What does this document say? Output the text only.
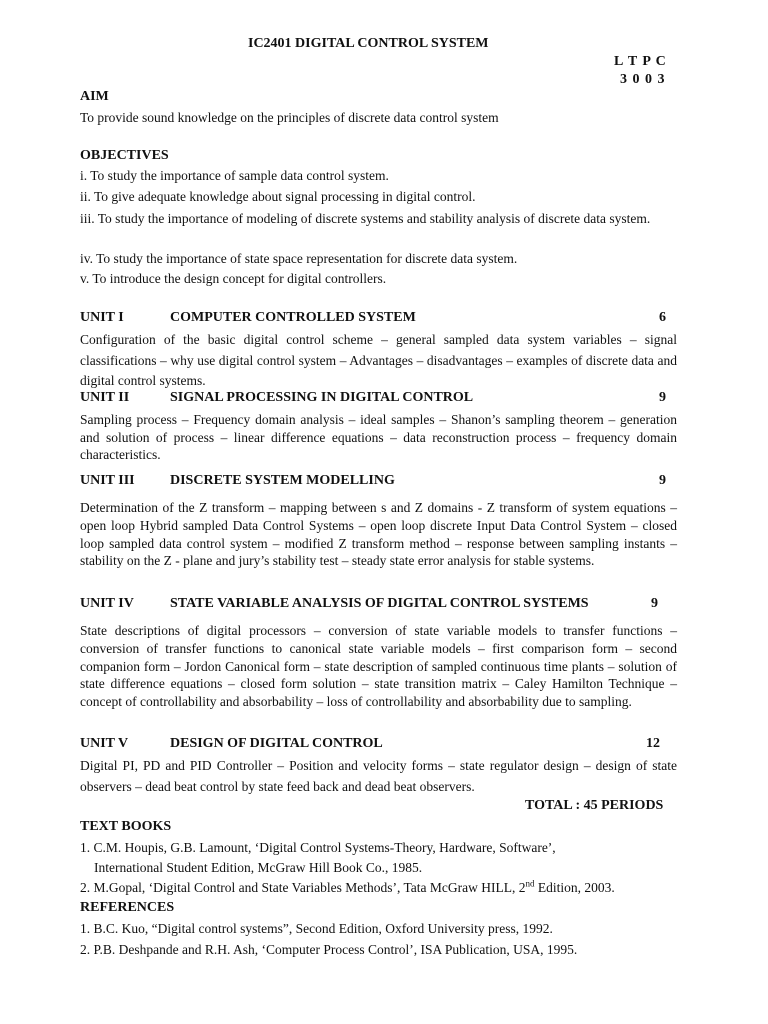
IC2401 DIGITAL CONTROL SYSTEM
L T P C
3 0 0 3
AIM
To provide sound knowledge on the principles of discrete data control system
OBJECTIVES
i. To study the importance of sample data control system.
ii. To give adequate knowledge about signal processing in digital control.
iii. To study the importance of modeling of discrete systems and stability analysis of discrete data system.
iv. To study the importance of state space representation for discrete data system.
v. To introduce the design concept for digital controllers.
UNIT I	COMPUTER CONTROLLED SYSTEM	6
Configuration of the basic digital control scheme – general sampled data system variables – signal classifications – why use digital control system – Advantages – disadvantages – examples of discrete data and digital control systems.
UNIT II	SIGNAL PROCESSING IN DIGITAL CONTROL	9
Sampling process – Frequency domain analysis – ideal samples – Shanon’s sampling theorem – generation and solution of process – linear difference equations – data reconstruction process – frequency domain characteristics.
UNIT III	DISCRETE SYSTEM MODELLING	9
Determination of the Z transform – mapping between s and Z domains - Z transform of system equations – open loop Hybrid sampled Data Control Systems – open loop discrete Input Data Control System – closed loop sampled data control system – modified Z transform method – response between sampling instants – stability on the Z - plane and jury’s stability test – steady state error analysis for stable systems.
UNIT IV	STATE VARIABLE ANALYSIS OF DIGITAL CONTROL SYSTEMS	9
State descriptions of digital processors – conversion of state variable models to transfer functions – conversion of transfer functions to canonical state variable models – first comparison form – second companion form – Jordon Canonical form – state description of sampled continuous time plants – solution of state difference equations – closed form solution – state transition matrix – Caley Hamilton Technique – concept of controllability and absorbability – loss of controllability and absorbability due to sampling.
UNIT V	DESIGN OF DIGITAL CONTROL	12
Digital PI, PD and PID Controller – Position and velocity forms – state regulator design – design of state observers – dead beat control by state feed back and dead beat observers.
TOTAL : 45 PERIODS
TEXT BOOKS
1. C.M. Houpis, G.B. Lamount, ‘Digital Control Systems-Theory, Hardware, Software’,
International Student Edition, McGraw Hill Book Co., 1985.
2. M.Gopal, ‘Digital Control and State Variables Methods’, Tata McGraw HILL, 2nd Edition, 2003.
REFERENCES
1. B.C. Kuo, “Digital control systems”, Second Edition, Oxford University press, 1992.
2. P.B. Deshpande and R.H. Ash, ‘Computer Process Control’, ISA Publication, USA, 1995.
